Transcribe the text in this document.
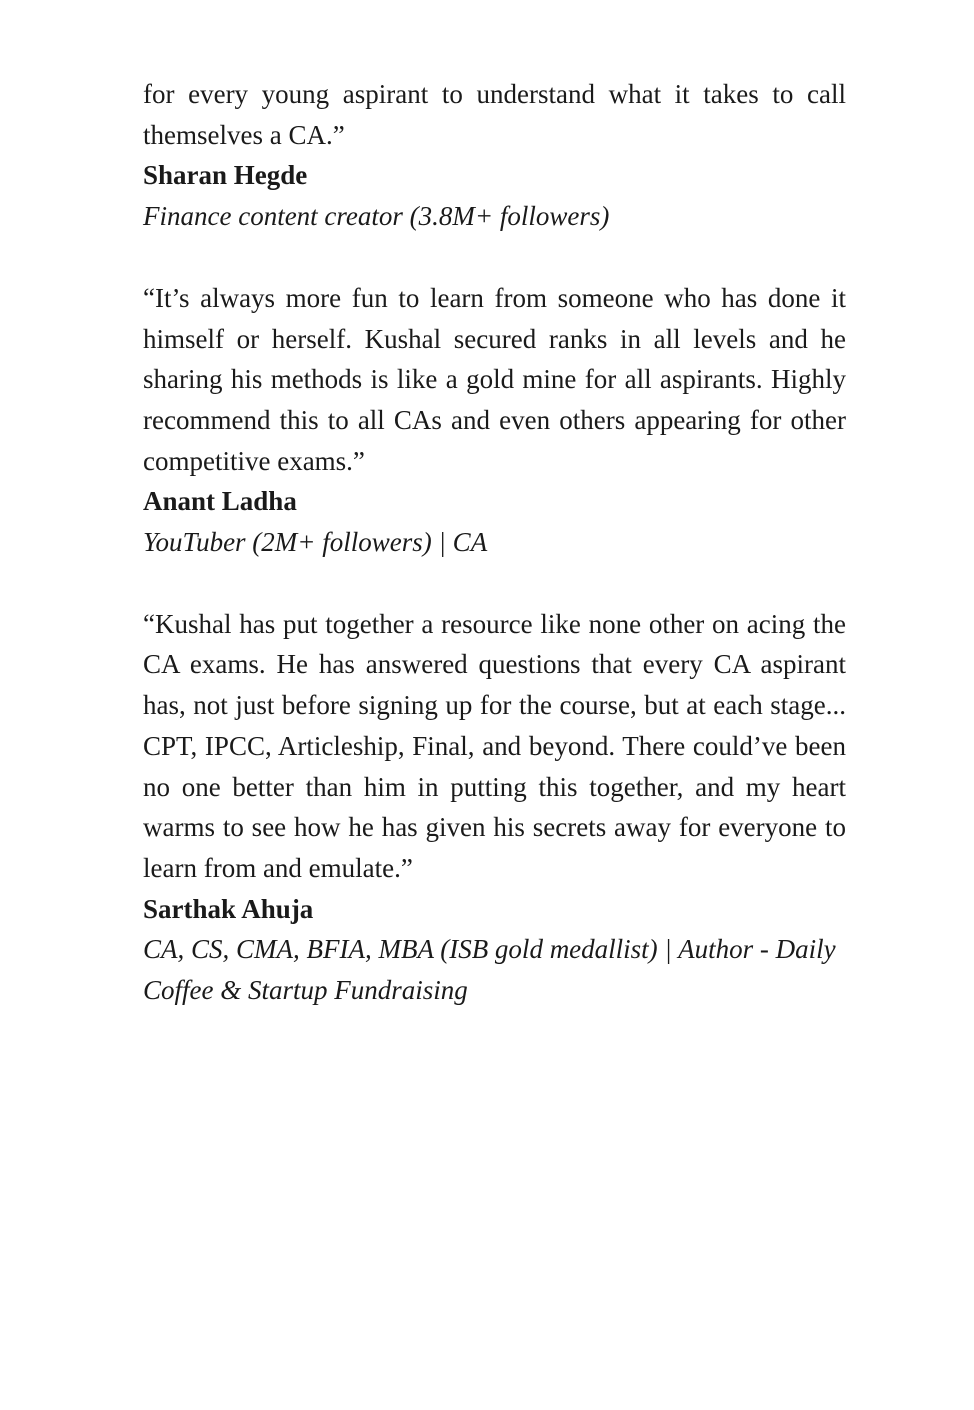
for every young aspirant to understand what it takes to call themselves a CA.”

Sharan Hegde

Finance content creator (3.8M+ followers)

“It’s always more fun to learn from someone who has done it himself or herself. Kushal secured ranks in all levels and he sharing his methods is like a gold mine for all aspirants. Highly recommend this to all CAs and even others appearing for other competitive exams.”

Anant Ladha

YouTuber (2M+ followers) | CA

“Kushal has put together a resource like none other on acing the CA exams. He has answered questions that every CA aspirant has, not just before signing up for the course, but at each stage... CPT, IPCC, Articleship, Final, and beyond. There could’ve been no one better than him in putting this together, and my heart warms to see how he has given his secrets away for everyone to learn from and emulate.”

Sarthak Ahuja

CA, CS, CMA, BFIA, MBA (ISB gold medallist) | Author - Daily Coffee & Startup Fundraising
